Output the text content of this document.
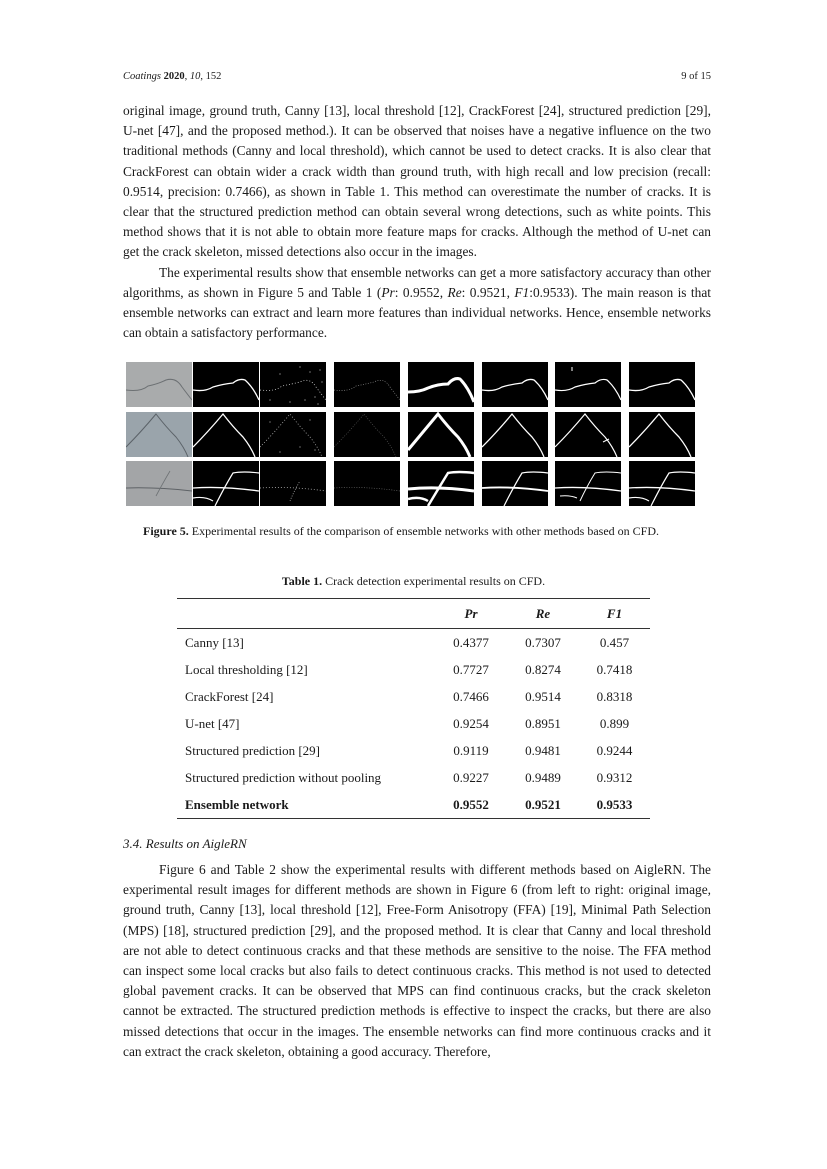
Coatings 2020, 10, 152	9 of 15

original image, ground truth, Canny [13], local threshold [12], CrackForest [24], structured prediction [29], U-net [47], and the proposed method.). It can be observed that noises have a negative influence on the two traditional methods (Canny and local threshold), which cannot be used to detect cracks. It is also clear that CrackForest can obtain wider a crack width than ground truth, with high recall and low precision (recall: 0.9514, precision: 0.7466), as shown in Table 1. This method can overestimate the number of cracks. It is clear that the structured prediction method can obtain several wrong detections, such as white points. This method shows that it is not able to obtain more feature maps for cracks. Although the method of U-net can get the crack skeleton, missed detections also occur in the images.

The experimental results show that ensemble networks can get a more satisfactory accuracy than other algorithms, as shown in Figure 5 and Table 1 (Pr: 0.9552, Re: 0.9521, F1:0.9533). The main reason is that ensemble networks can extract and learn more features than individual networks. Hence, ensemble networks can obtain a satisfactory performance.

Figure 5. Experimental results of the comparison of ensemble networks with other methods based on CFD.
Table 1. Crack detection experimental results on CFD.
	Pr	Re	F1
Canny [13]	0.4377	0.7307	0.457
Local thresholding [12]	0.7727	0.8274	0.7418
CrackForest [24]	0.7466	0.9514	0.8318
U-net [47]	0.9254	0.8951	0.899
Structured prediction [29]	0.9119	0.9481	0.9244
Structured prediction without pooling	0.9227	0.9489	0.9312
Ensemble network	0.9552	0.9521	0.9533
3.4. Results on AigleRN

Figure 6 and Table 2 show the experimental results with different methods based on AigleRN. The experimental result images for different methods are shown in Figure 6 (from left to right: original image, ground truth, Canny [13], local threshold [12], Free-Form Anisotropy (FFA) [19], Minimal Path Selection (MPS) [18], structured prediction [29], and the proposed method. It is clear that Canny and local threshold are not able to detect continuous cracks and that these methods are sensitive to the noise. The FFA method can inspect some local cracks but also fails to detect continuous cracks. This method is not used to detected global pavement cracks. It can be observed that MPS can find continuous cracks, but the crack skeleton cannot be extracted. The structured prediction methods is effective to inspect the cracks, but there are also missed detections that occur in the images. The ensemble networks can find more continuous cracks and it can extract the crack skeleton, obtaining a good accuracy. Therefore,
